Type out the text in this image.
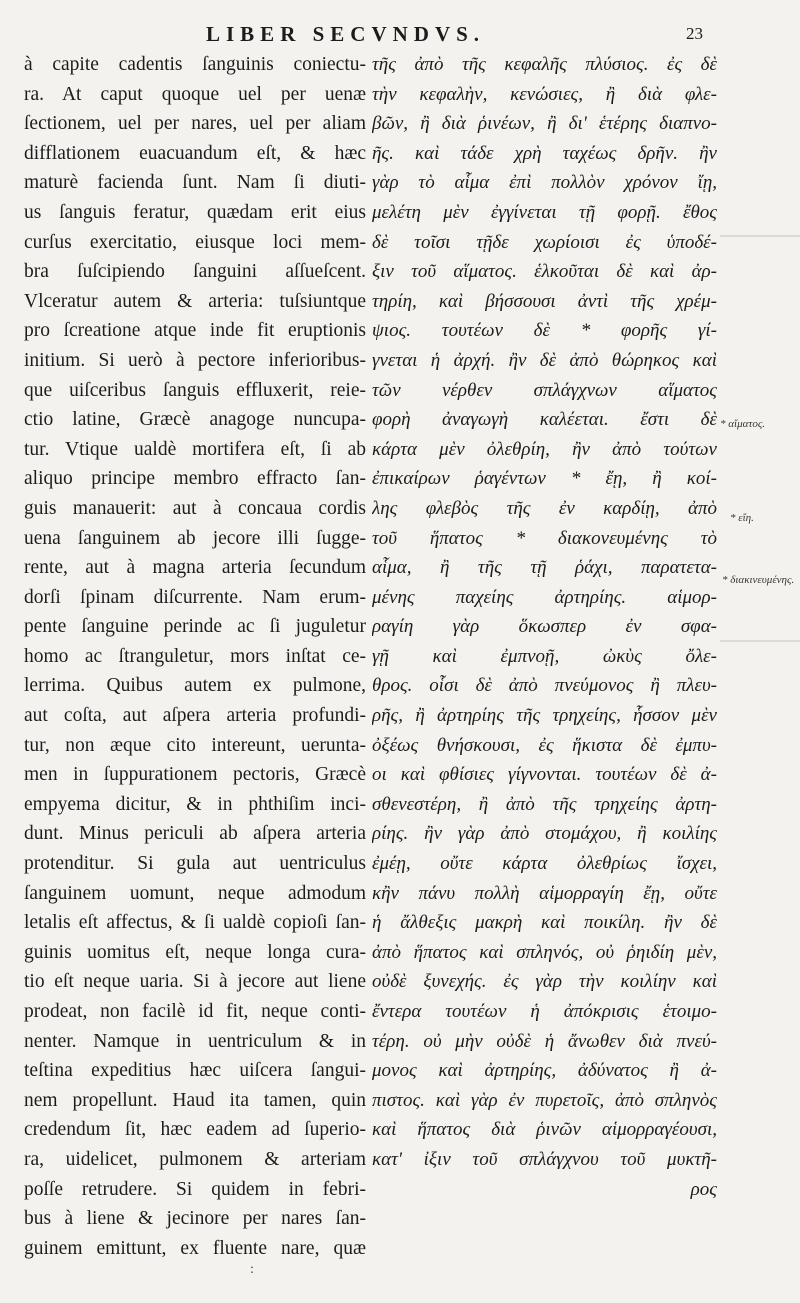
LIBER SECVNDVS.	23
à capite cadentis ſanguinis coniectu-
ra. At caput quoque uel per uenæ
ſectionem, uel per nares, uel per aliam
difflationem euacuandum eſt, & hæc
maturè facienda ſunt. Nam ſi diuti-
us ſanguis feratur, quædam erit eius
curſus exercitatio, eiusque loci mem-
bra ſuſcipiendo ſanguini aſſueſcent.
Vlceratur autem & arteria: tuſsiuntque
pro ſcreatione atque inde fit eruptionis
initium. Si uerò à pectore inferioribus-
que uiſceribus ſanguis effluxerit, reie-
ctio latine, Græcè anagoge nuncupa-
tur. Vtique ualdè mortifera eſt, ſi ab
aliquo principe membro effracto ſan-
guis manauerit: aut à concaua cordis
uena ſanguinem ab jecore illi ſugge-
rente, aut à magna arteria ſecundum
dorſi ſpinam diſcurrente. Nam erum-
pente ſanguine perinde ac ſi juguletur
homo ac ſtranguletur, mors inſtat ce-
lerrima. Quibus autem ex pulmone,
aut coſta, aut aſpera arteria profundi-
tur, non æque cito intereunt, uerunta-
men in ſuppurationem pectoris, Græcè
empyema dicitur, & in phthiſim inci-
dunt. Minus periculi ab aſpera arteria
protenditur. Si gula aut uentriculus
ſanguinem uomunt, neque admodum
letalis eſt affectus, & ſi ualdè copioſi ſan-
guinis uomitus eſt, neque longa cura-
tio eſt neque uaria. Si à jecore aut liene
prodeat, non facilè id fit, neque conti-
nenter. Namque in uentriculum & in
teſtina expeditius hæc uiſcera ſangui-
nem propellunt. Haud ita tamen, quin
credendum ſit, hæc eadem ad ſuperio-
ra, uidelicet, pulmonem & arteriam
poſſe retrudere. Si quidem in febri-
bus à liene & jecinore per nares ſan-
guinem emittunt, ex fluente nare, quæ
τῆς ἀπὸ τῆς κεφαλῆς πλύσιος. ἐς δὲ
τὴν κεφαλὴν, κενώσιες, ἢ διὰ φλε-
βῶν, ἢ διὰ ῥινέων, ἢ δι' ἑτέρης διαπνο-
ῆς. καὶ τάδε χρὴ ταχέως δρῆν. ἢν
γὰρ τὸ αἷμα ἐπὶ πολλὸν χρόνον ἴῃ,
μελέτη μὲν ἐγγίνεται τῇ φορῇ. ἔθος
δὲ τοῖσι τῇδε χωρίοισι ἐς ὑποδέ-
ξιν τοῦ αἵματος. ἑλκοῦται δὲ καὶ ἀρ-
τηρίη, καὶ βήσσουσι ἀντὶ τῆς χρέμ-
ψιος. τουτέων δὲ * φορῆς γί-
γνεται ἡ ἀρχή. ἢν δὲ ἀπὸ θώρηκος καὶ
τῶν νέρθεν σπλάγχνων αἵματος
φορὴ ἀναγωγὴ καλέεται. ἔστι δὲ
κάρτα μὲν ὀλεθρίη, ἢν ἀπὸ τούτων
ἐπικαίρων ῥαγέντων * ἔῃ, ἢ κοί-
λης φλεβὸς τῆς ἐν καρδίῃ, ἀπὸ
τοῦ ἥπατος * διακονευμένης τὸ
αἷμα, ἢ τῆς τῇ ῥάχι, παρατετα-
μένης παχείης ἀρτηρίης. αἱμορ-
ραγίη γὰρ ὅκωσπερ ἐν σφα-
γῇ καὶ ἐμπνοῇ, ὠκὺς ὄλε-
θρος. οἷσι δὲ ἀπὸ πνεύμονος ἢ πλευ-
ρῆς, ἢ ἀρτηρίης τῆς τρηχείης, ἧσσον μὲν
ὀξέως θνήσκουσι, ἐς ἥκιστα δὲ ἐμπυ-
οι καὶ φθίσιες γίγνονται. τουτέων δὲ ἀ-
σθενεστέρη, ἢ ἀπὸ τῆς τρηχείης ἀρτη-
ρίης. ἢν γὰρ ἀπὸ στομάχου, ἢ κοιλίης
ἐμέῃ, οὔτε κάρτα ὀλεθρίως ἴσχει,
κἢν πάνυ πολλὴ αἱμορραγίη ἔῃ, οὔτε
ἡ ἄλθεξις μακρὴ καὶ ποικίλη. ἢν δὲ
ἀπὸ ἥπατος καὶ σπληνός, οὐ ῥηιδίη μὲν,
οὐδὲ ξυνεχής. ἐς γὰρ τὴν κοιλίην καὶ
ἔντερα τουτέων ἡ ἀπόκρισις ἑτοιμο-
τέρη. οὐ μὴν οὐδὲ ἡ ἄνωθεν διὰ πνεύ-
μονος καὶ ἀρτηρίης, ἀδύνατος ἢ ἀ-
πιστος. καὶ γὰρ ἐν πυρετοῖς, ἀπὸ σπληνὸς
καὶ ἥπατος διὰ ῥινῶν αἱμορραγέουσι,
κατ' ἰξιν τοῦ σπλάγχνου τοῦ μυκτῆ-
ρος
* αἵματος.
* εἴη.
* διακινευμένης.
:
